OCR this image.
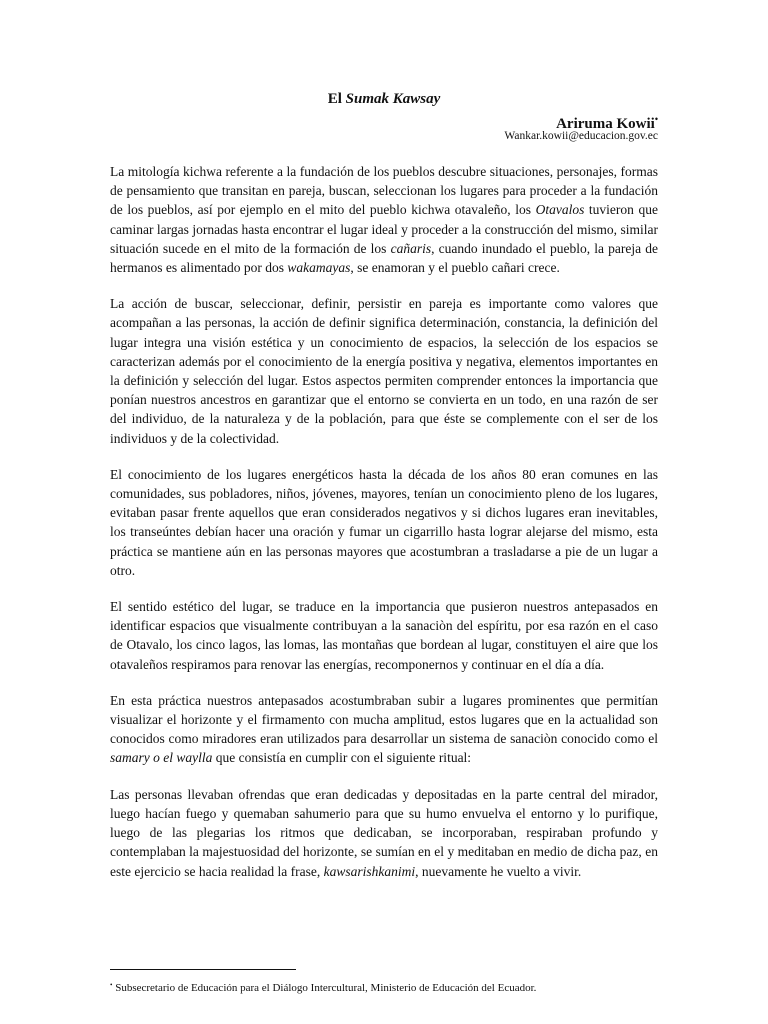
El Sumak Kawsay
Ariruma Kowii•
Wankar.kowii@educacion.gov.ec

La mitología kichwa referente a la fundación de los pueblos descubre situaciones, personajes, formas de pensamiento que transitan en pareja, buscan, seleccionan los lugares para proceder a la fundación de los pueblos, así por ejemplo en el mito del pueblo kichwa otavaleño, los Otavalos tuvieron que caminar largas jornadas hasta encontrar el lugar ideal y proceder a la construcción del mismo, similar situación sucede en el mito de la formación de los cañaris, cuando inundado el pueblo, la pareja de hermanos es alimentado por dos wakamayas, se enamoran y el pueblo cañari crece.

La acción de buscar, seleccionar, definir, persistir en pareja es importante como valores que acompañan a las personas, la acción de definir significa determinación, constancia, la definición del lugar integra una visión estética y un conocimiento de espacios, la selección de los espacios se caracterizan además por el conocimiento de la energía positiva y negativa, elementos importantes en la definición y selección del lugar. Estos aspectos permiten comprender entonces la importancia que ponían nuestros ancestros en garantizar que el entorno se convierta en un todo, en una razón de ser del individuo, de la naturaleza y de la población, para que éste se complemente con el ser de los individuos y de la colectividad.

El conocimiento de los lugares energéticos hasta la década de los años 80 eran comunes en las comunidades, sus pobladores, niños, jóvenes, mayores, tenían un conocimiento pleno de los lugares, evitaban pasar frente aquellos que eran considerados negativos y si dichos lugares eran inevitables, los transeúntes debían hacer una oración y fumar un cigarrillo hasta lograr alejarse del mismo, esta práctica se mantiene aún en las personas mayores que acostumbran a trasladarse a pie de un lugar a otro.

El sentido estético del lugar, se traduce en la importancia que pusieron nuestros antepasados en identificar espacios que visualmente contribuyan a la sanaciòn del espíritu, por esa razón en el caso de Otavalo, los cinco lagos, las lomas, las montañas que bordean al lugar, constituyen el aire que los otavaleños respiramos para renovar las energías, recomponernos y continuar en el día a día.

En esta práctica nuestros antepasados acostumbraban subir a lugares prominentes que permitían visualizar el horizonte y el firmamento con mucha amplitud, estos lugares que en la actualidad son conocidos como miradores eran utilizados para desarrollar un sistema de sanaciòn conocido como el samary o el waylla que consistía en cumplir con el siguiente ritual:

Las personas llevaban ofrendas que eran dedicadas y depositadas en la parte central del mirador, luego hacían fuego y quemaban sahumerio para que su humo envuelva el entorno y lo purifique, luego de las plegarias los ritmos que dedicaban, se incorporaban, respiraban profundo y contemplaban la majestuosidad del horizonte, se sumían en el y meditaban en medio de dicha paz, en este ejercicio se hacia realidad la frase, kawsarishkanimi, nuevamente he vuelto a vivir.

• Subsecretario de Educación para el Diálogo Intercultural, Ministerio de Educación del Ecuador.
